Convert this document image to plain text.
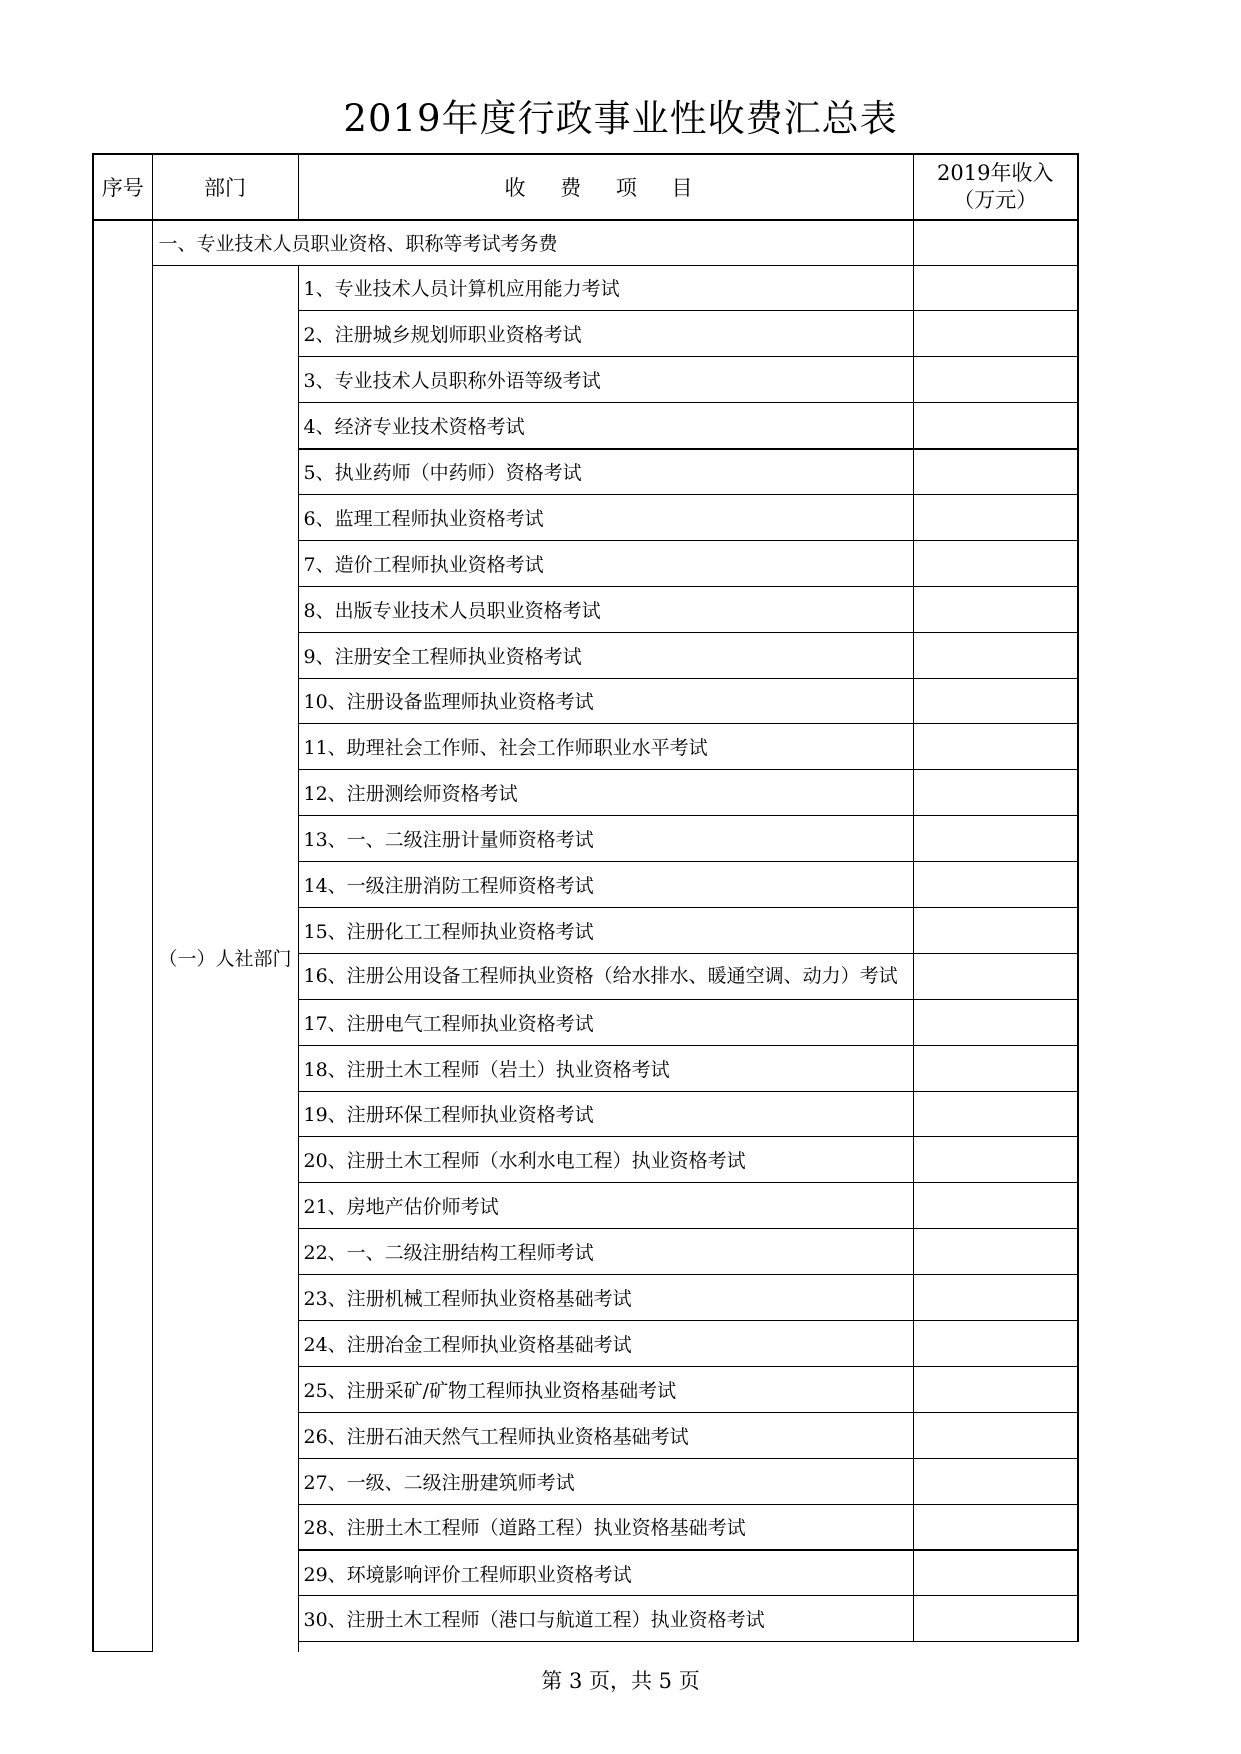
2019年度行政事业性收费汇总表
序号	部门	收 费 项 目	2019年收入
（万元）

	一、专业技术人员职业资格、职称等考试考务费		
	（一）人社部门	1、专业技术人员计算机应用能力考试	
		2、注册城乡规划师职业资格考试	
		3、专业技术人员职称外语等级考试	
		4、经济专业技术资格考试	
		5、执业药师（中药师）资格考试	
		6、监理工程师执业资格考试	
		7、造价工程师执业资格考试	
		8、出版专业技术人员职业资格考试	
		9、注册安全工程师执业资格考试	
		10、注册设备监理师执业资格考试	
		11、助理社会工作师、社会工作师职业水平考试	
		12、注册测绘师资格考试	
		13、一、二级注册计量师资格考试	
		14、一级注册消防工程师资格考试	
		15、注册化工工程师执业资格考试	
		16、注册公用设备工程师执业资格（给水排水、暖通空调、动力）考试	
		17、注册电气工程师执业资格考试	
		18、注册土木工程师（岩土）执业资格考试	
		19、注册环保工程师执业资格考试	
		20、注册土木工程师（水利水电工程）执业资格考试	
		21、房地产估价师考试	
		22、一、二级注册结构工程师考试	
		23、注册机械工程师执业资格基础考试	
		24、注册冶金工程师执业资格基础考试	
		25、注册采矿/矿物工程师执业资格基础考试	
		26、注册石油天然气工程师执业资格基础考试	
		27、一级、二级注册建筑师考试	
		28、注册土木工程师（道路工程）执业资格基础考试	
		29、环境影响评价工程师职业资格考试	
		30、注册土木工程师（港口与航道工程）执业资格考试	

第 3 页，共 5 页
